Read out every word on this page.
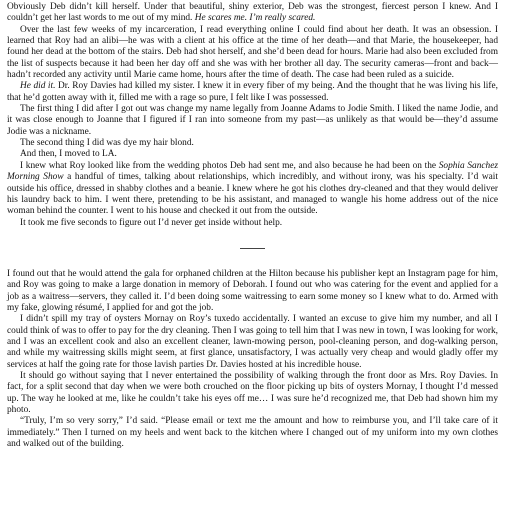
Obviously Deb didn’t kill herself. Under that beautiful, shiny exterior, Deb was the strongest, fiercest person I knew. And I couldn’t get her last words to me out of my mind. He scares me. I’m really scared.

Over the last few weeks of my incarceration, I read everything online I could find about her death. It was an obsession. I learned that Roy had an alibi—he was with a client at his office at the time of her death—and that Marie, the housekeeper, had found her dead at the bottom of the stairs. Deb had shot herself, and she’d been dead for hours. Marie had also been excluded from the list of suspects because it had been her day off and she was with her brother all day. The security cameras—front and back—hadn’t recorded any activity until Marie came home, hours after the time of death. The case had been ruled as a suicide.

He did it. Dr. Roy Davies had killed my sister. I knew it in every fiber of my being. And the thought that he was living his life, that he’d gotten away with it, filled me with a rage so pure, I felt like I was possessed.

The first thing I did after I got out was change my name legally from Joanne Adams to Jodie Smith. I liked the name Jodie, and it was close enough to Joanne that I figured if I ran into someone from my past—as unlikely as that would be—they’d assume Jodie was a nickname.

The second thing I did was dye my hair blond.

And then, I moved to LA.

I knew what Roy looked like from the wedding photos Deb had sent me, and also because he had been on the Sophia Sanchez Morning Show a handful of times, talking about relationships, which incredibly, and without irony, was his specialty. I’d wait outside his office, dressed in shabby clothes and a beanie. I knew where he got his clothes dry-cleaned and that they would deliver his laundry back to him. I went there, pretending to be his assistant, and managed to wangle his home address out of the nice woman behind the counter. I went to his house and checked it out from the outside.

It took me five seconds to figure out I’d never get inside without help.

I found out that he would attend the gala for orphaned children at the Hilton because his publisher kept an Instagram page for him, and Roy was going to make a large donation in memory of Deborah. I found out who was catering for the event and applied for a job as a waitress—servers, they called it. I’d been doing some waitressing to earn some money so I knew what to do. Armed with my fake, glowing résumé, I applied for and got the job.

I didn’t spill my tray of oysters Mornay on Roy’s tuxedo accidentally. I wanted an excuse to give him my number, and all I could think of was to offer to pay for the dry cleaning. Then I was going to tell him that I was new in town, I was looking for work, and I was an excellent cook and also an excellent cleaner, lawn-mowing person, pool-cleaning person, and dog-walking person, and while my waitressing skills might seem, at first glance, unsatisfactory, I was actually very cheap and would gladly offer my services at half the going rate for those lavish parties Dr. Davies hosted at his incredible house.

It should go without saying that I never entertained the possibility of walking through the front door as Mrs. Roy Davies. In fact, for a split second that day when we were both crouched on the floor picking up bits of oysters Mornay, I thought I’d messed up. The way he looked at me, like he couldn’t take his eyes off me… I was sure he’d recognized me, that Deb had shown him my photo.

“Truly, I’m so very sorry,” I’d said. “Please email or text me the amount and how to reimburse you, and I’ll take care of it immediately.” Then I turned on my heels and went back to the kitchen where I changed out of my uniform into my own clothes and walked out of the building.
